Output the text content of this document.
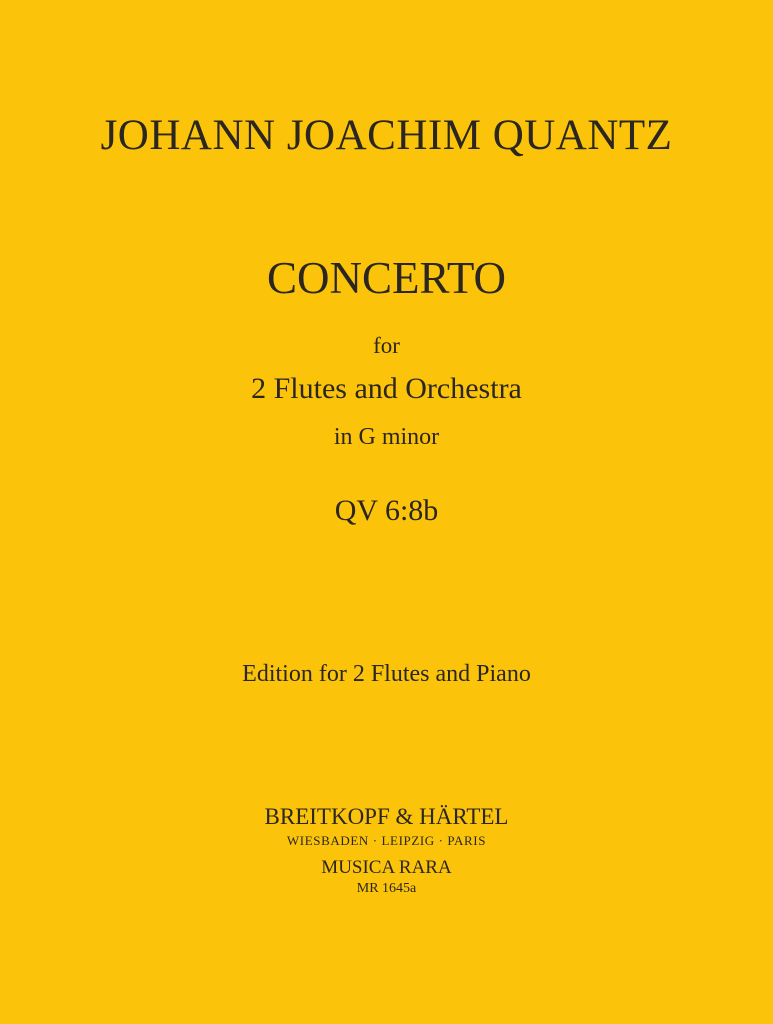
JOHANN JOACHIM QUANTZ
CONCERTO
for
2 Flutes and Orchestra
in G minor
QV 6:8b
Edition for 2 Flutes and Piano
BREITKOPF & HÄRTEL
WIESBADEN · LEIPZIG · PARIS
MUSICA RARA
MR 1645a
